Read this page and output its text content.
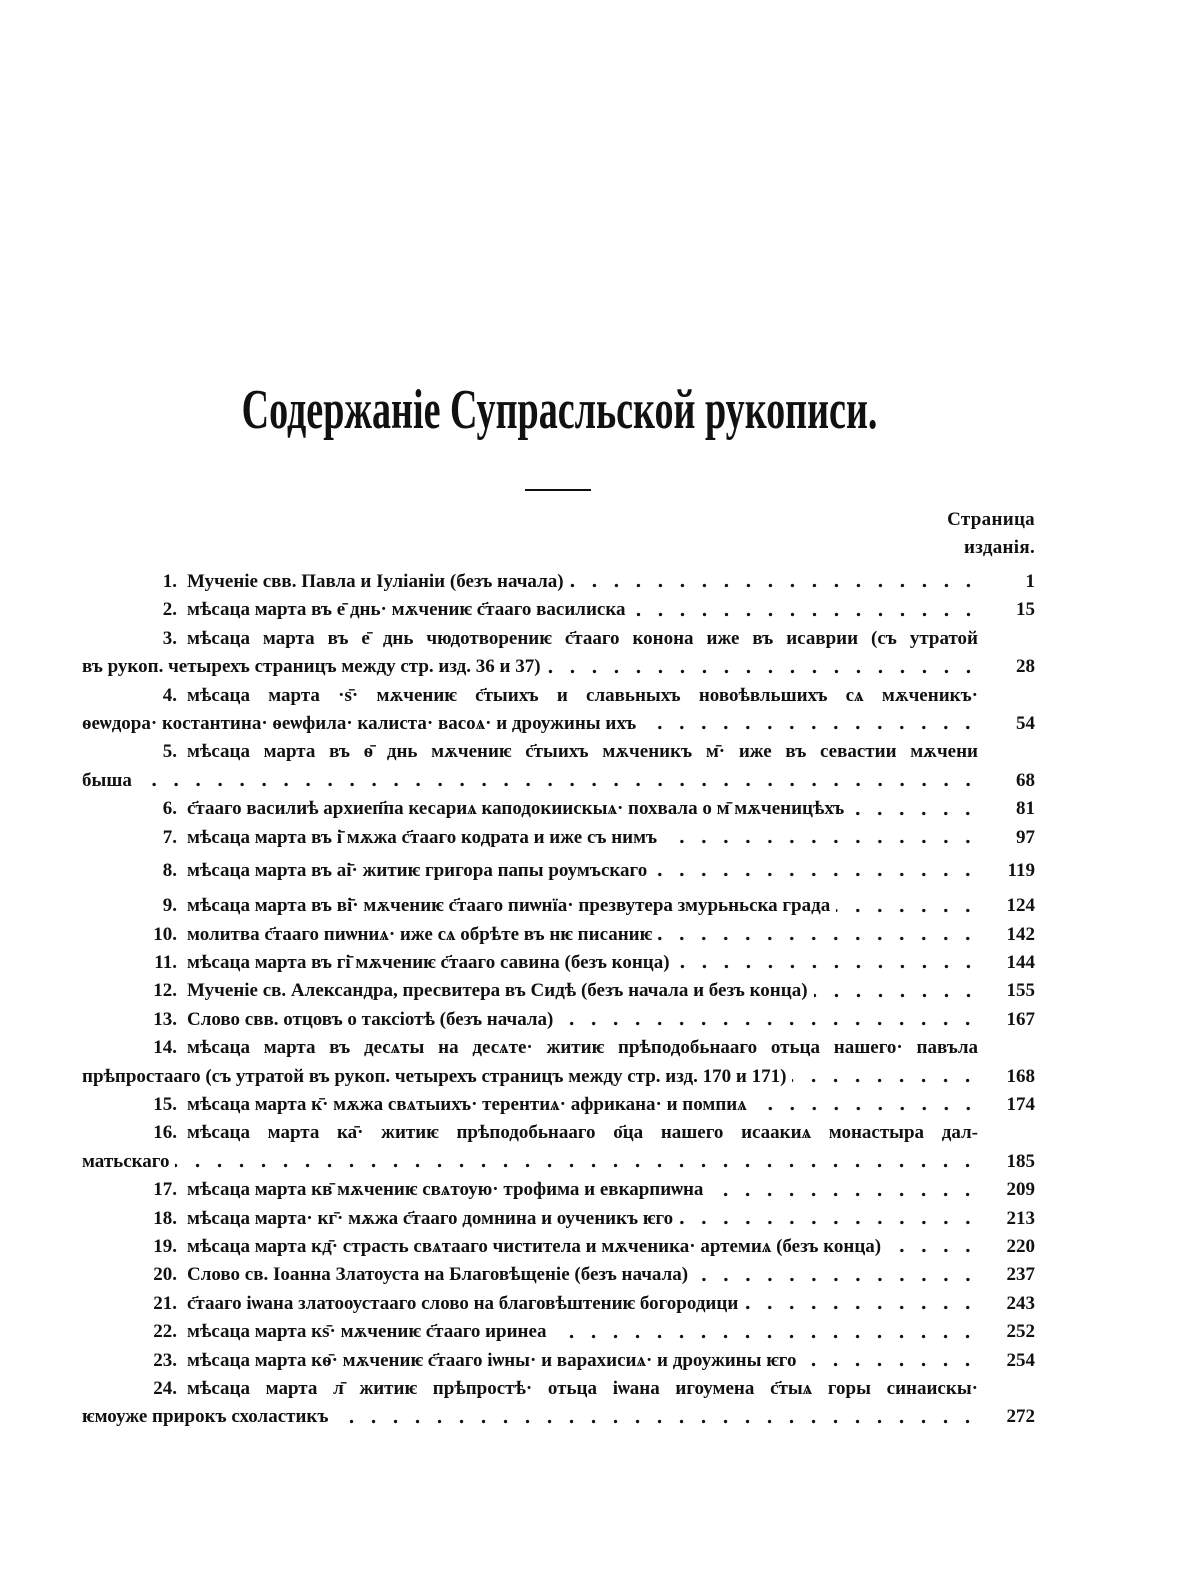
Содержаніе Супрасльской рукописи.
Страница
изданія.
1. Мученіе свв. Павла и Іуліаніи (безъ начала)	1
2. мѣсаца марта въ е̄ днь· мѫчениѥ с҃тааго василиска	15
3. мѣсаца марта въ е̄ днь чюдотворениѥ с҃тааго конона иже въ исаврии (съ утратой
въ рукоп. четырехъ страницъ между стр. изд. 36 и 37)	28
4. мѣсаца марта ·ѕ̄· мѫчениѥ с҃тыихъ и славьныхъ новоѣвльшихъ сѧ мѫченикъ·
ѳеѡдора· костантина· ѳеѡфила· калиста· васоѧ· и дроужины ихъ	54
5. мѣсаца марта въ ѳ̄ днь мѫчениѥ с҃тыихъ мѫченикъ м̄· иже въ севастии мѫчени
быша	68
6. с҃тааго василиѣ архиеп҃па кесариѧ каподокиискыѧ· похвала о м̄ мѫченицѣхъ	81
7. мѣсаца марта въ і̄ мѫжа с҃тааго кодрата и иже съ нимъ	97
8. мѣсаца марта въ аі̄· житиѥ григора папы роумъскаго	119
9. мѣсаца марта въ ві̄· мѫчениѥ с҃тааго пиѡнїа· презвутера змурьньска града	124
10. молитва с҃тааго пиѡниѧ· иже сѧ обрѣте въ нѥ писаниѥ	142
11. мѣсаца марта въ гі̄ мѫчениѥ с҃тааго савина (безъ конца)	144
12. Мученіе св. Александра, пресвитера въ Сидѣ (безъ начала и безъ конца)	155
13. Слово свв. отцовъ о таксіотѣ (безъ начала)	167
14. мѣсаца марта въ десѧты на десѧте· житиѥ прѣподобьнааго отьца нашего· павъла
прѣпростааго (съ утратой въ рукоп. четырехъ страницъ между стр. изд. 170 и 171)	168
15. мѣсаца марта к̄· мѫжа свѧтыихъ· терентиѧ· африкана· и помпиѧ	174
16. мѣсаца марта ка̄· житиѥ прѣподобьнааго о҃ца нашего исаакиѧ монастыра дал-
матьскаго	185
17. мѣсаца марта кв̄ мѫчениѥ свѧтоую· трофима и евкарпиѡна	209
18. мѣсаца марта· кг̄· мѫжа с҃тааго домнина и оученикъ ѥго	213
19. мѣсаца марта кд̄· страсть свѧтааго чиститела и мѫченика· артемиѧ (безъ конца)	220
20. Слово св. Іоанна Златоуста на Благовѣщеніе (безъ начала)	237
21. с҃тааго іѡана златооустааго слово на благовѣштениѥ богородици	243
22. мѣсаца марта кѕ̄· мѫчениѥ с҃тааго иринеа	252
23. мѣсаца марта кѳ̄· мѫчениѥ с҃тааго іѡны· и варахисиѧ· и дроужины ѥго	254
24. мѣсаца марта л̄ житиѥ прѣпростѣ· отьца іѡана игоумена с҃тыѧ горы синаискы·
ѥмоуже прирокъ схоластикъ	272
